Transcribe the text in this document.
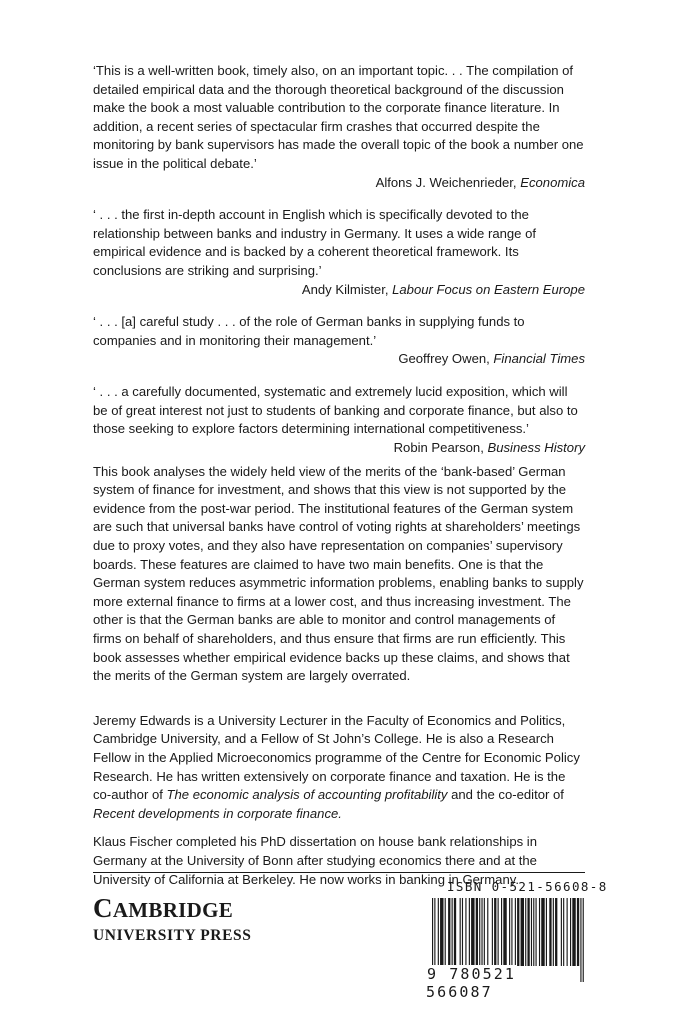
‘This is a well-written book, timely also, on an important topic. . . The compilation of detailed empirical data and the thorough theoretical background of the discussion make the book a most valuable contribution to the corporate finance literature. In addition, a recent series of spectacular firm crashes that occurred despite the monitoring by bank supervisors has made the overall topic of the book a number one issue in the political debate.’

Alfons J. Weichenrieder, Economica

‘ . . . the first in-depth account in English which is specifically devoted to the relationship between banks and industry in Germany. It uses a wide range of empirical evidence and is backed by a coherent theoretical framework. Its conclusions are striking and surprising.’

Andy Kilmister, Labour Focus on Eastern Europe

‘ . . . [a] careful study . . . of the role of German banks in supplying funds to companies and in monitoring their management.’

Geoffrey Owen, Financial Times

‘ . . . a carefully documented, systematic and extremely lucid exposition, which will be of great interest not just to students of banking and corporate finance, but also to those seeking to explore factors determining international competitiveness.’
Robin Pearson, Business History

This book analyses the widely held view of the merits of the ‘bank-based’ German system of finance for investment, and shows that this view is not supported by the evidence from the post-war period. The institutional features of the German system are such that universal banks have control of voting rights at shareholders’ meetings due to proxy votes, and they also have representation on companies’ supervisory boards. These features are claimed to have two main benefits. One is that the German system reduces asymmetric information problems, enabling banks to supply more external finance to firms at a lower cost, and thus increasing investment. The other is that the German banks are able to monitor and control managements of firms on behalf of shareholders, and thus ensure that firms are run efficiently. This book assesses whether empirical evidence backs up these claims, and shows that the merits of the German system are largely overrated.

Jeremy Edwards is a University Lecturer in the Faculty of Economics and Politics, Cambridge University, and a Fellow of St John’s College. He is also a Research Fellow in the Applied Microeconomics programme of the Centre for Economic Policy Research. He has written extensively on corporate finance and taxation. He is the co-author of The economic analysis of accounting profitability and the co-editor of Recent developments in corporate finance.

Klaus Fischer completed his PhD dissertation on house bank relationships in Germany at the University of Bonn after studying economics there and at the University of California at Berkeley. He now works in banking in Germany.

CAMBRIDGE
UNIVERSITY PRESS
ISBN 0-521-56608-8
9 780521 566087
